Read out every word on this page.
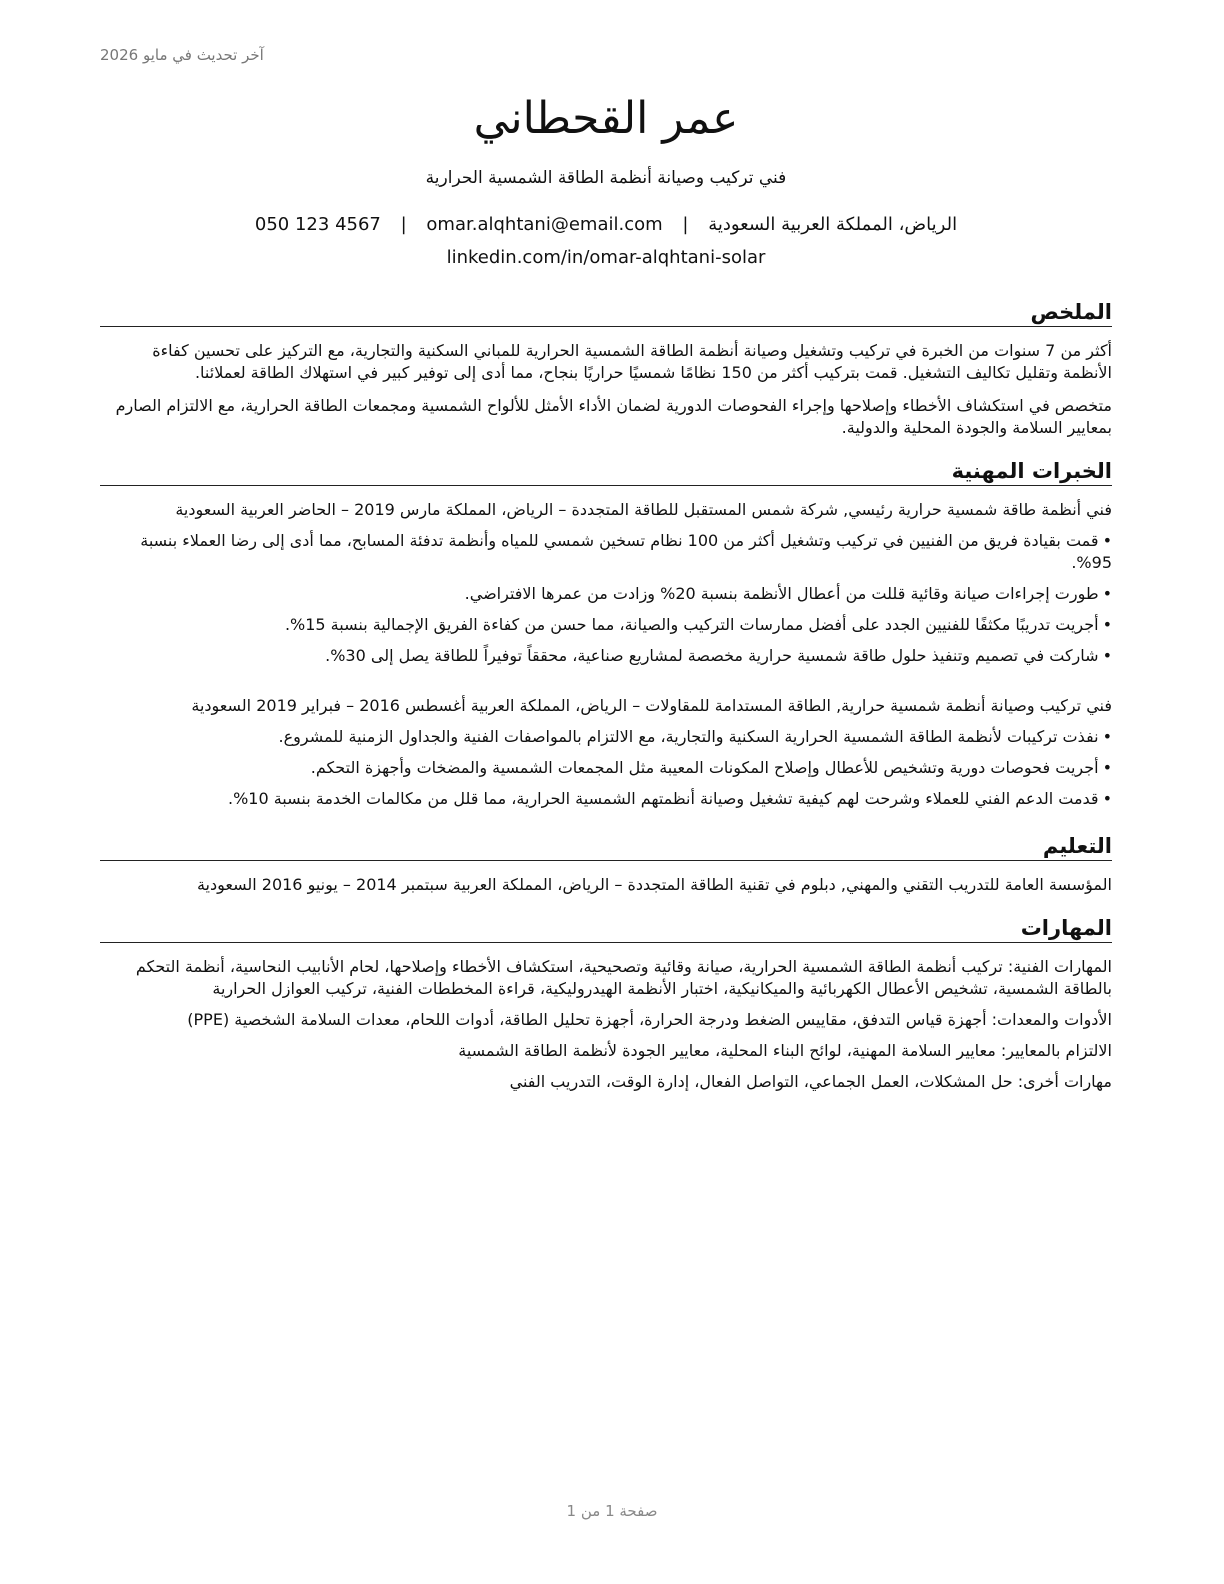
آخر تحديث في مايو 2026
عمر القحطاني
فني تركيب وصيانة أنظمة الطاقة الشمسية الحرارية
الرياض، المملكة العربية السعودية | omar.alqhtani@email.com | 050 123 4567
linkedin.com/in/omar-alqhtani-solar
الملخص

أكثر من 7 سنوات من الخبرة في تركيب وتشغيل وصيانة أنظمة الطاقة الشمسية الحرارية للمباني السكنية والتجارية، مع التركيز على تحسين كفاءة الأنظمة وتقليل تكاليف التشغيل. قمت بتركيب أكثر من 150 نظامًا شمسيًا حراريًا بنجاح، مما أدى إلى توفير كبير في استهلاك الطاقة لعملائنا.

متخصص في استكشاف الأخطاء وإصلاحها وإجراء الفحوصات الدورية لضمان الأداء الأمثل للألواح الشمسية ومجمعات الطاقة الحرارية، مع الالتزام الصارم بمعايير السلامة والجودة المحلية والدولية.

الخبرات المهنية
فني أنظمة طاقة شمسية حرارية رئيسي, شركة شمس المستقبل للطاقة المتجددة – الرياض، المملكة مارس 2019 – الحاضر العربية السعودية
•قمت بقيادة فريق من الفنيين في تركيب وتشغيل أكثر من 100 نظام تسخين شمسي للمياه وأنظمة تدفئة المسابح، مما أدى إلى رضا العملاء بنسبة 95%.
•طورت إجراءات صيانة وقائية قللت من أعطال الأنظمة بنسبة 20% وزادت من عمرها الافتراضي.
•أجريت تدريبًا مكثفًا للفنيين الجدد على أفضل ممارسات التركيب والصيانة، مما حسن من كفاءة الفريق الإجمالية بنسبة 15%.
•شاركت في تصميم وتنفيذ حلول طاقة شمسية حرارية مخصصة لمشاريع صناعية، محققاً توفيراً للطاقة يصل إلى 30%.
فني تركيب وصيانة أنظمة شمسية حرارية, الطاقة المستدامة للمقاولات – الرياض، المملكة العربية أغسطس 2016 – فبراير 2019 السعودية
•نفذت تركيبات لأنظمة الطاقة الشمسية الحرارية السكنية والتجارية، مع الالتزام بالمواصفات الفنية والجداول الزمنية للمشروع.
•أجريت فحوصات دورية وتشخيص للأعطال وإصلاح المكونات المعيبة مثل المجمعات الشمسية والمضخات وأجهزة التحكم.
•قدمت الدعم الفني للعملاء وشرحت لهم كيفية تشغيل وصيانة أنظمتهم الشمسية الحرارية، مما قلل من مكالمات الخدمة بنسبة 10%.
التعليم
المؤسسة العامة للتدريب التقني والمهني, دبلوم في تقنية الطاقة المتجددة – الرياض، المملكة العربية سبتمبر 2014 – يونيو 2016 السعودية
المهارات
المهارات الفنية: تركيب أنظمة الطاقة الشمسية الحرارية، صيانة وقائية وتصحيحية، استكشاف الأخطاء وإصلاحها، لحام الأنابيب النحاسية، أنظمة التحكم بالطاقة الشمسية، تشخيص الأعطال الكهربائية والميكانيكية، اختبار الأنظمة الهيدروليكية، قراءة المخططات الفنية، تركيب العوازل الحرارية
الأدوات والمعدات: أجهزة قياس التدفق، مقاييس الضغط ودرجة الحرارة، أجهزة تحليل الطاقة، أدوات اللحام، معدات السلامة الشخصية (PPE)
الالتزام بالمعايير: معايير السلامة المهنية، لوائح البناء المحلية، معايير الجودة لأنظمة الطاقة الشمسية
مهارات أخرى: حل المشكلات، العمل الجماعي، التواصل الفعال، إدارة الوقت، التدريب الفني
صفحة 1 من 1
